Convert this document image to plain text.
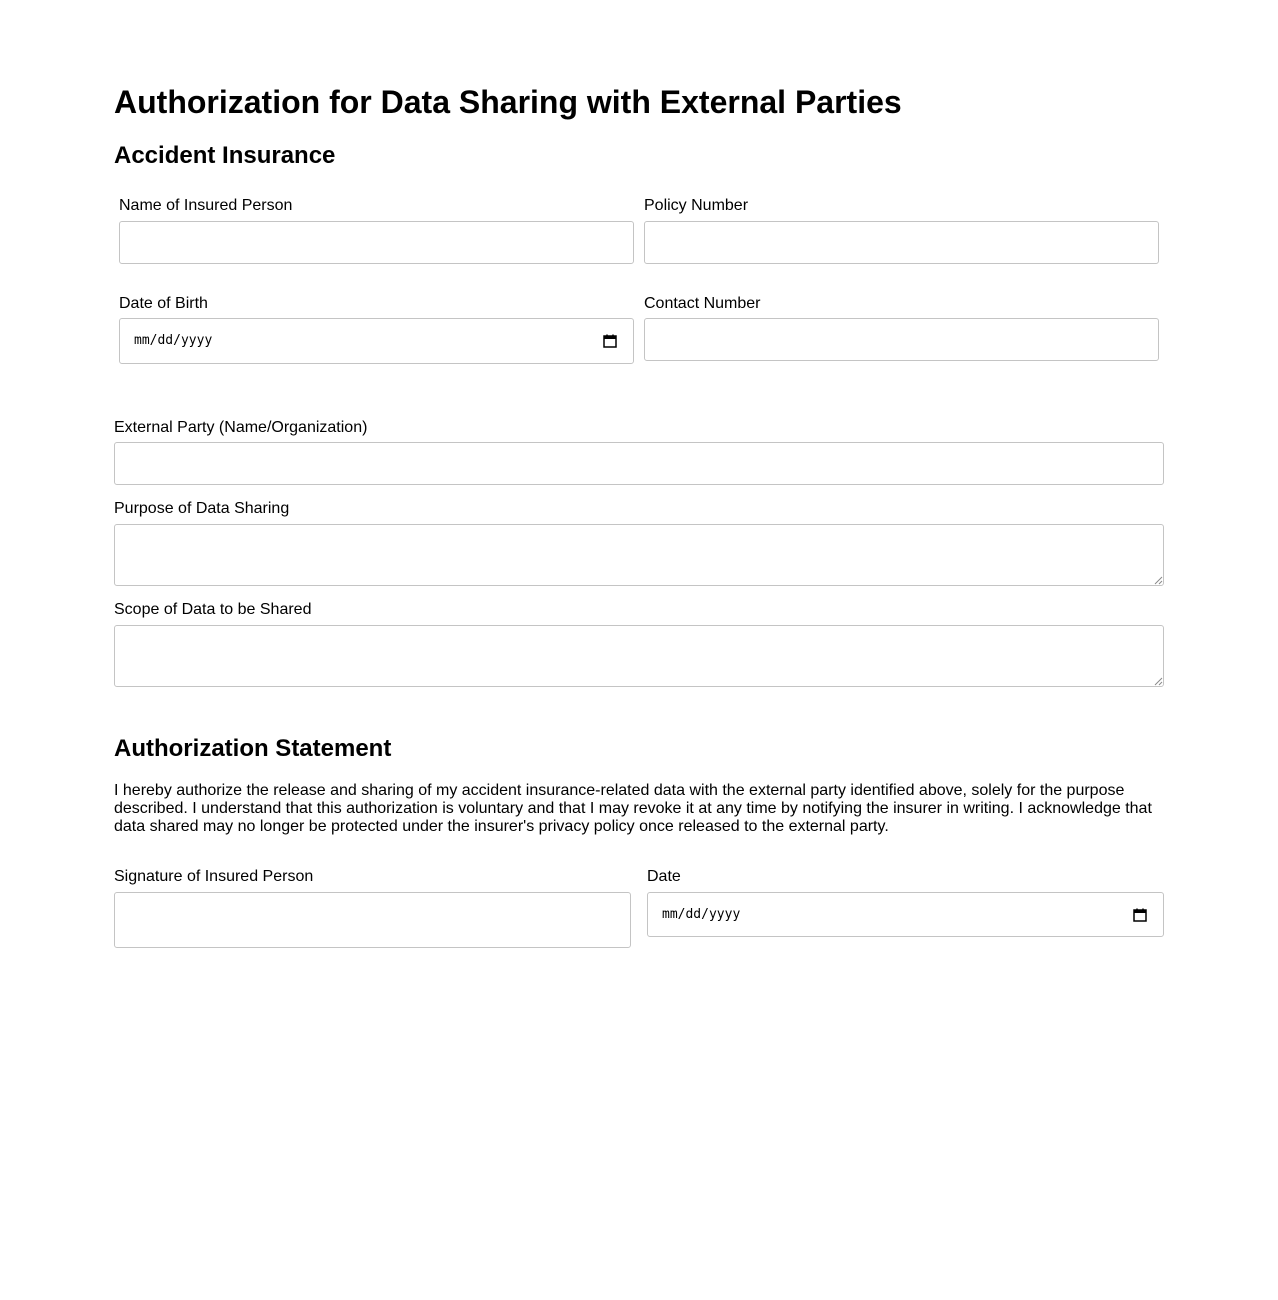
Authorization for Data Sharing with External Parties
Accident Insurance
Name of Insured Person	Policy Number
Date of Birth
mm/dd/yyyy
Contact Number
External Party (Name/Organization)
Purpose of Data Sharing
Scope of Data to be Shared
Authorization Statement

I hereby authorize the release and sharing of my accident insurance-related data with the external party identified above, solely for the purpose described. I understand that this authorization is voluntary and that I may revoke it at any time by notifying the insurer in writing. I acknowledge that data shared may no longer be protected under the insurer's privacy policy once released to the external party.

Signature of Insured Person	Date
mm/dd/yyyy
